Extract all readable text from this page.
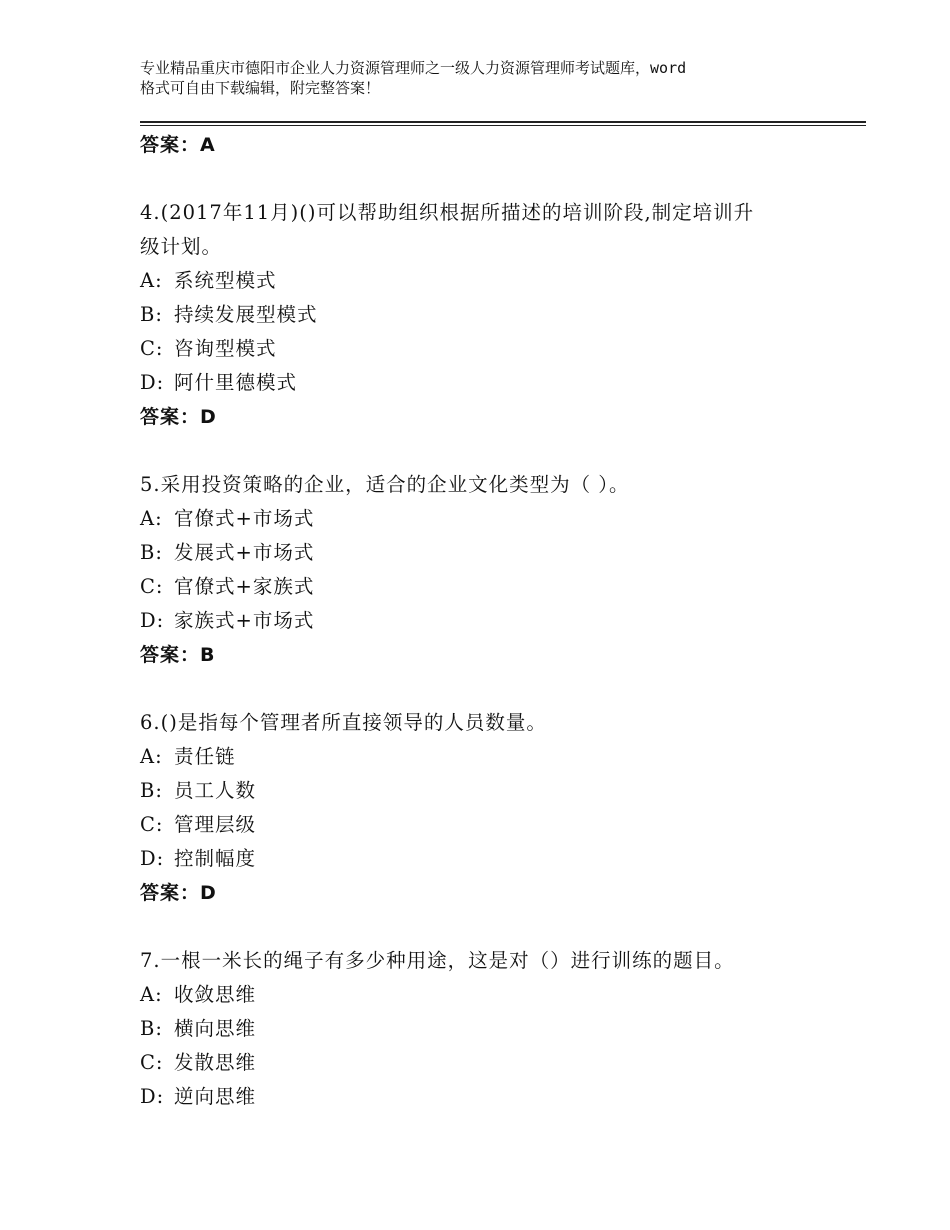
专业精品重庆市德阳市企业人力资源管理师之一级人力资源管理师考试题库，word
格式可自由下载编辑，附完整答案！
答案：A
4.(2017年11月)()可以帮助组织根据所描述的培训阶段,制定培训升
级计划。
A: 系统型模式
B: 持续发展型模式
C: 咨询型模式
D: 阿什里德模式
答案：D
5.采用投资策略的企业，适合的企业文化类型为（ ）。
A: 官僚式+市场式
B: 发展式+市场式
C: 官僚式+家族式
D: 家族式+市场式
答案：B
6.()是指每个管理者所直接领导的人员数量。
A: 责任链
B: 员工人数
C: 管理层级
D: 控制幅度
答案：D
7.一根一米长的绳子有多少种用途，这是对（）进行训练的题目。
A: 收敛思维
B: 横向思维
C: 发散思维
D: 逆向思维
